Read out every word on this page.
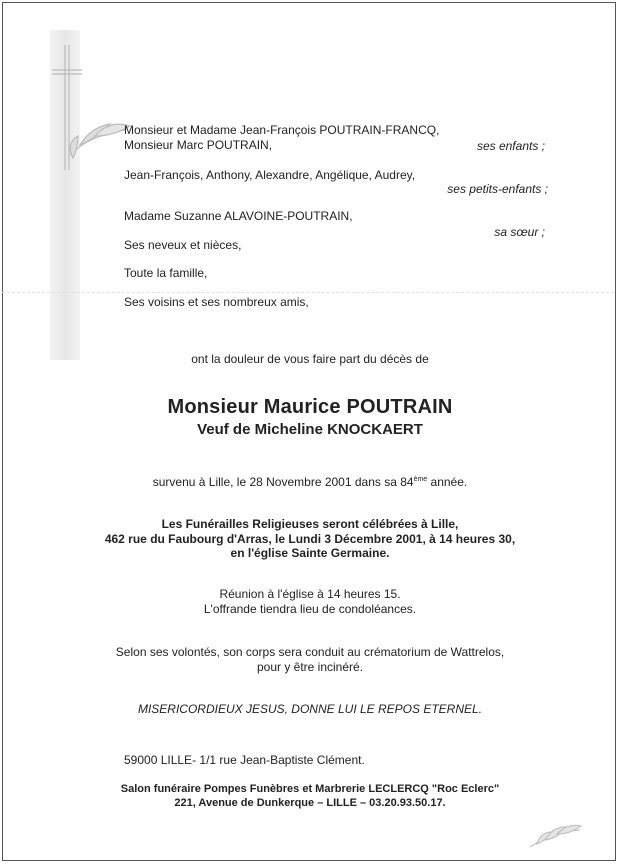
Monsieur et Madame Jean-François POUTRAIN-FRANCQ,
Monsieur Marc POUTRAIN,	ses enfants ;
Jean-François, Anthony, Alexandre, Angélique, Audrey,
ses petits-enfants ;
Madame Suzanne ALAVOINE-POUTRAIN,
sa sœur ;
Ses neveux et nièces,
Toute la famille,
Ses voisins et ses nombreux amis,
ont la douleur de vous faire part du décès de
Monsieur Maurice POUTRAIN
Veuf de Micheline KNOCKAERT
survenu à Lille, le 28 Novembre 2001 dans sa 84ème année.
Les Funérailles Religieuses seront célébrées à Lille,
462 rue du Faubourg d'Arras, le Lundi 3 Décembre 2001, à 14 heures 30,
en l'église Sainte Germaine.
Réunion à l'église à 14 heures 15.
L'offrande tiendra lieu de condoléances.
Selon ses volontés, son corps sera conduit au crématorium de Wattrelos,
pour y être incinéré.
MISERICORDIEUX JESUS, DONNE LUI LE REPOS ETERNEL.
59000 LILLE- 1/1 rue Jean-Baptiste Clément.
Salon funéraire Pompes Funèbres et Marbrerie LECLERCQ "Roc Eclerc"
221, Avenue de Dunkerque – LILLE – 03.20.93.50.17.
